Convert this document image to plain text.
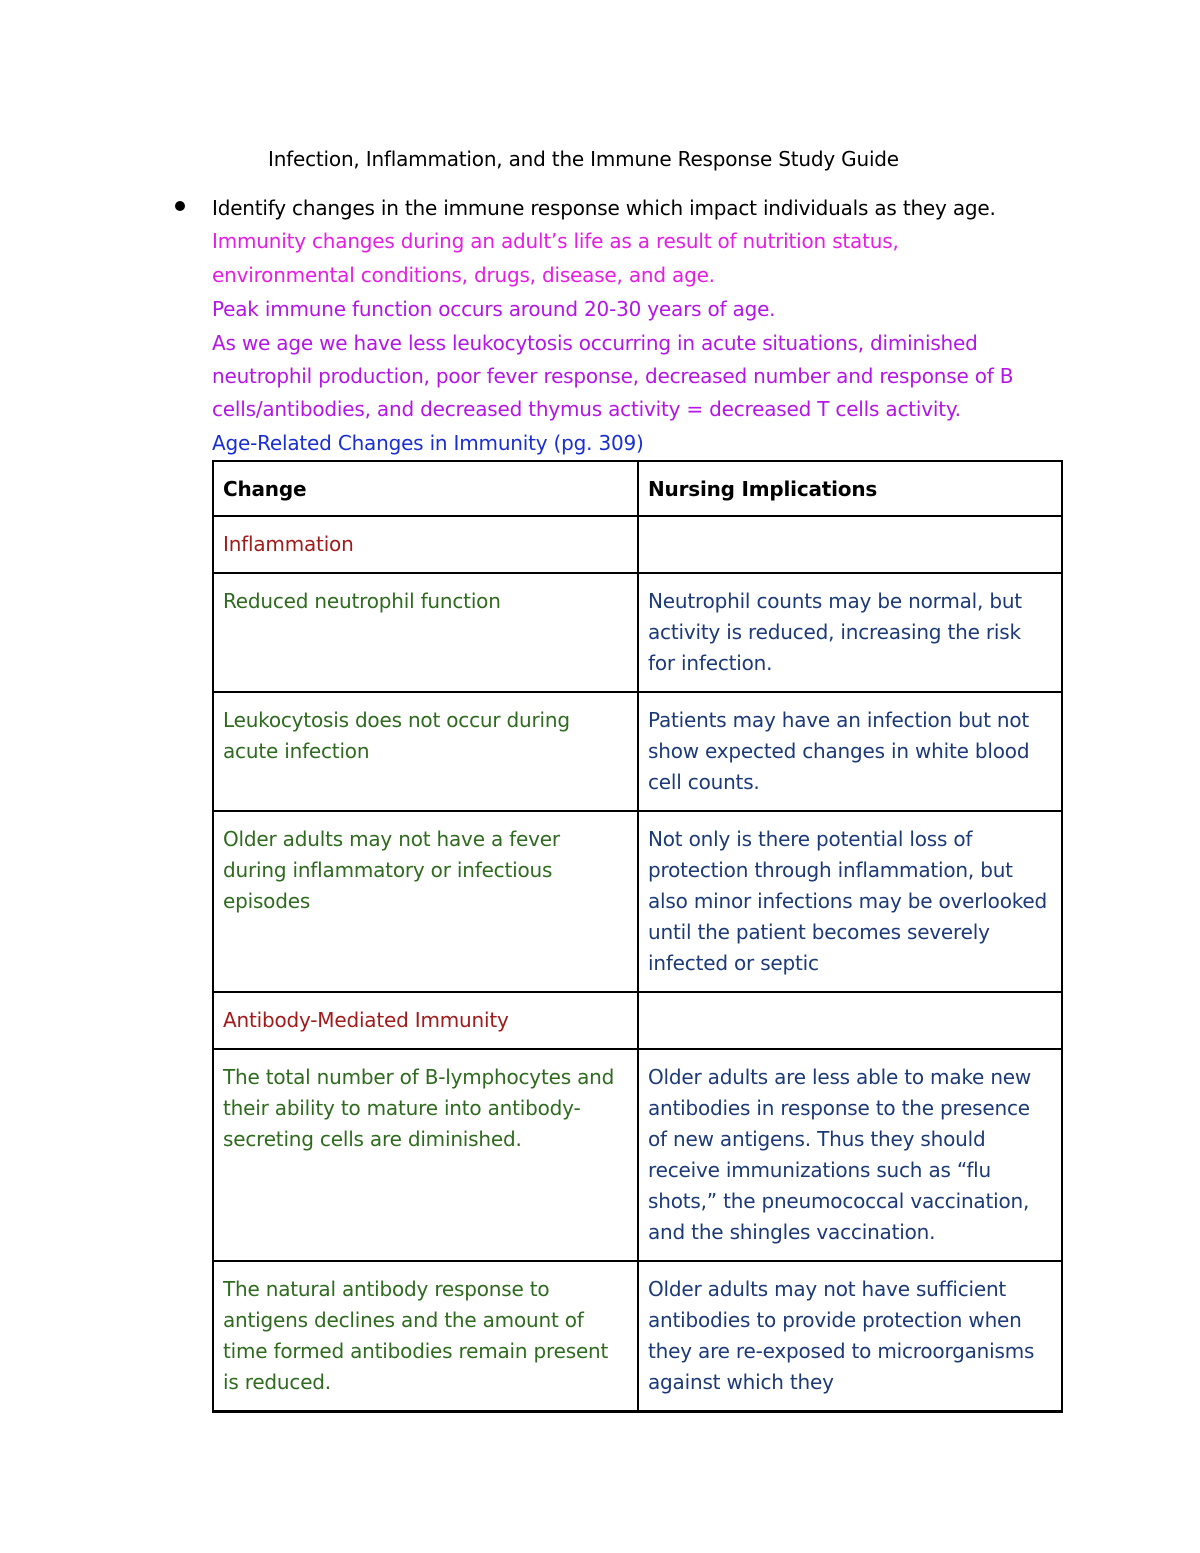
Infection, Inflammation, and the Immune Response Study Guide
Identify changes in the immune response which impact individuals as they age.
Immunity changes during an adult’s life as a result of nutrition status,
environmental conditions, drugs, disease, and age.
Peak immune function occurs around 20-30 years of age.
As we age we have less leukocytosis occurring in acute situations, diminished
neutrophil production, poor fever response, decreased number and response of B
cells/antibodies, and decreased thymus activity = decreased T cells activity.
Age-Related Changes in Immunity (pg. 309)
Change	Nursing Implications
Inflammation	
Reduced neutrophil function	Neutrophil counts may be normal, but activity is reduced, increasing the risk for infection.
Leukocytosis does not occur during acute infection	Patients may have an infection but not show expected changes in white blood cell counts.
Older adults may not have a fever during inflammatory or infectious episodes	Not only is there potential loss of protection through inflammation, but also minor infections may be overlooked until the patient becomes severely infected or septic
Antibody-Mediated Immunity	
The total number of B-lymphocytes and their ability to mature into antibody-secreting cells are diminished.	Older adults are less able to make new antibodies in response to the presence of new antigens. Thus they should receive immunizations such as “flu shots,” the pneumococcal vaccination, and the shingles vaccination.
The natural antibody response to antigens declines and the amount of time formed antibodies remain present is reduced.	Older adults may not have sufficient antibodies to provide protection when they are re-exposed to microorganisms against which they
